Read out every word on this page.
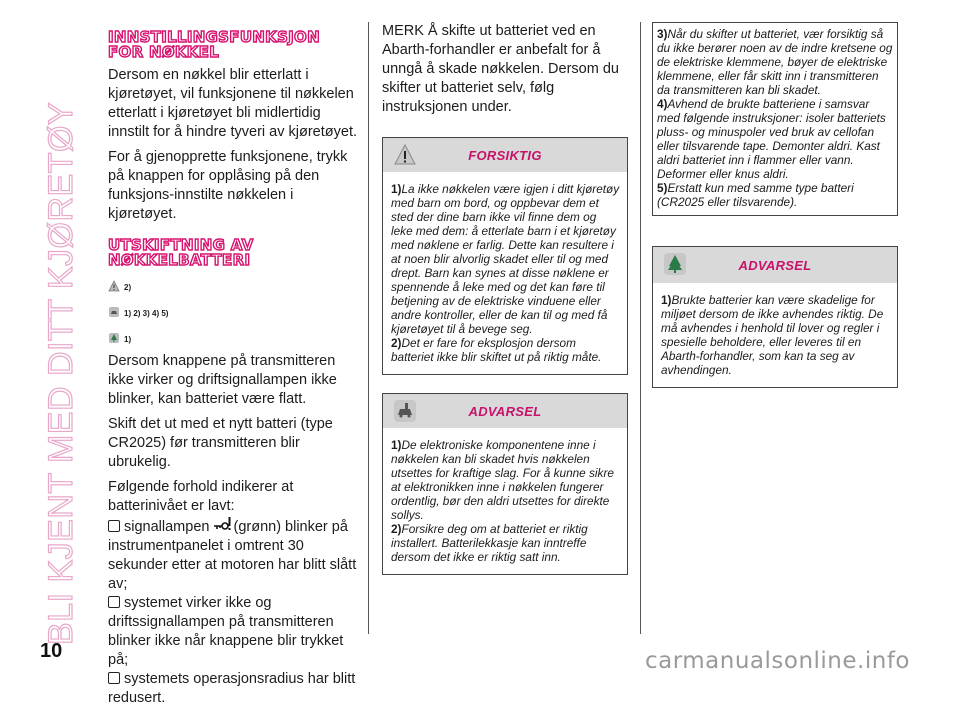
BLI KJENT MED DITT KJØRETØY
INNSTILLINGSFUNKSJON FOR NØKKEL

Dersom en nøkkel blir etterlatt i kjøretøyet, vil funksjonene til nøkkelen etterlatt i kjøretøyet bli midlertidig innstilt for å hindre tyveri av kjøretøyet.

For å gjenopprette funksjonene, trykk på knappen for opplåsing på den funksjons-innstilte nøkkelen i kjøretøyet.

UTSKIFTNING AV NØKKELBATTERI
2)
1) 2) 3) 4) 5)
1)

Dersom knappene på transmitteren ikke virker og driftsignallampen ikke blinker, kan batteriet være flatt.

Skift det ut med et nytt batteri (type CR2025) før transmitteren blir ubrukelig.

Følgende forhold indikerer at batterinivået er lavt:

signallampen (grønn) blinker på instrumentpanelet i omtrent 30 sekunder etter at motoren har blitt slått av;

systemet virker ikke og driftssignallampen på transmitteren blinker ikke når knappene blir trykket på;

systemets operasjonsradius har blitt redusert.

MERK Å skifte ut batteriet ved en Abarth-forhandler er anbefalt for å unngå å skade nøkkelen. Dersom du skifter ut batteriet selv, følg instruksjonen under.

FORSIKTIG

1)La ikke nøkkelen være igjen i ditt kjøretøy med barn om bord, og oppbevar dem et sted der dine barn ikke vil finne dem og leke med dem: å etterlate barn i et kjøretøy med nøklene er farlig. Dette kan resultere i at noen blir alvorlig skadet eller til og med drept. Barn kan synes at disse nøklene er spennende å leke med og det kan føre til betjening av de elektriske vinduene eller andre kontroller, eller de kan til og med få kjøretøyet til å bevege seg.

2)Det er fare for eksplosjon dersom batteriet ikke blir skiftet ut på riktig måte.

ADVARSEL

1)De elektroniske komponentene inne i nøkkelen kan bli skadet hvis nøkkelen utsettes for kraftige slag. For å kunne sikre at elektronikken inne i nøkkelen fungerer ordentlig, bør den aldri utsettes for direkte sollys.

2)Forsikre deg om at batteriet er riktig installert. Batterilekkasje kan inntreffe dersom det ikke er riktig satt inn.

3)Når du skifter ut batteriet, vær forsiktig så du ikke berører noen av de indre kretsene og de elektriske klemmene, bøyer de elektriske klemmene, eller får skitt inn i transmitteren da transmitteren kan bli skadet.

4)Avhend de brukte batteriene i samsvar med følgende instruksjoner: isoler batteriets pluss- og minuspoler ved bruk av cellofan eller tilsvarende tape. Demonter aldri. Kast aldri batteriet inn i flammer eller vann. Deformer eller knus aldri.

5)Erstatt kun med samme type batteri (CR2025 eller tilsvarende).

ADVARSEL

1)Brukte batterier kan være skadelige for miljøet dersom de ikke avhendes riktig. De må avhendes i henhold til lover og regler i spesielle beholdere, eller leveres til en Abarth-forhandler, som kan ta seg av avhendingen.

10	carmanualsonline.info
